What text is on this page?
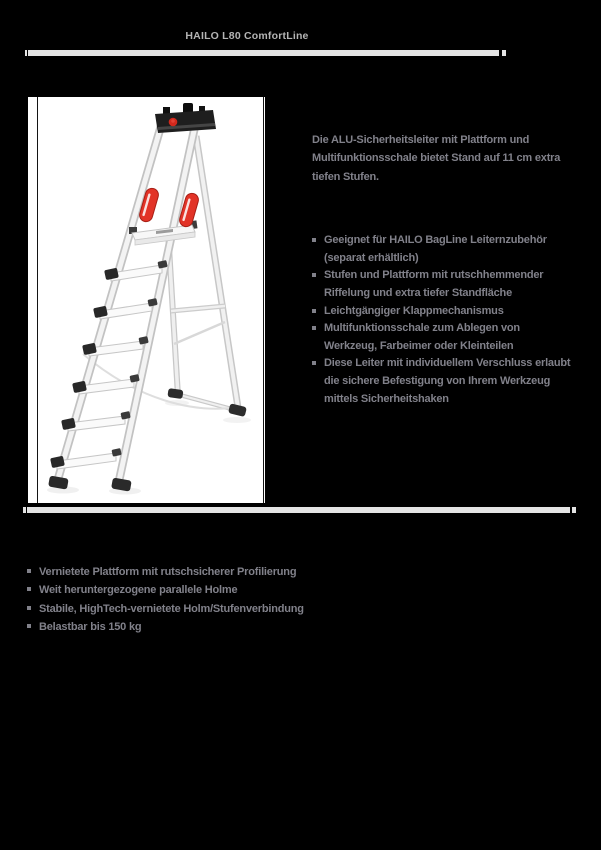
HAILO L80 ComfortLine

Die ALU-Sicherheitsleiter mit Plattform und Multifunktionsschale bietet Stand auf 11 cm extra tiefen Stufen.

Geeignet für HAILO BagLine Leiternzubehör (separat erhältlich)
Stufen und Plattform mit rutschhemmender Riffelung und extra tiefer Standfläche
Leichtgängiger Klappmechanismus
Multifunktionsschale zum Ablegen von Werkzeug, Farbeimer oder Kleinteilen
Diese Leiter mit individuellem Verschluss erlaubt die sichere Befestigung von Ihrem Werkzeug mittels Sicherheitshaken
Vernietete Plattform mit rutschsicherer Profilierung
Weit heruntergezogene parallele Holme
Stabile, HighTech-vernietete Holm/Stufenverbindung
Belastbar bis 150 kg
